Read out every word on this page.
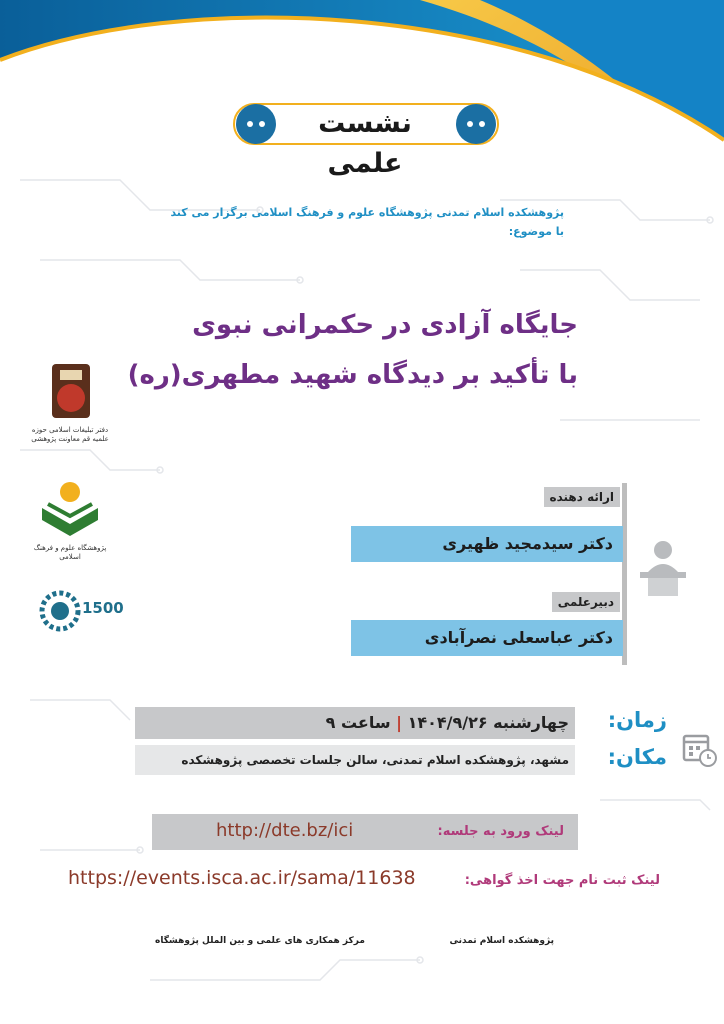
نشست علمی
پژوهشکده اسلام تمدنی پژوهشگاه علوم و فرهنگ اسلامی برگزار می کند
با موضوع:
جایگاه آزادی در حکمرانی نبوی
با تأکید بر دیدگاه شهید مطهری(ره)
دفتر تبلیغات اسلامی حوزه علمیه قم معاونت پژوهشی
پژوهشگاه علوم و فرهنگ اسلامی
1500
ارائه دهنده
دکتر سیدمجید ظهیری
دبیرعلمی
دکتر عباسعلی نصرآبادی
چهارشنبه ۱۴۰۴/۹/۲۶ | ساعت ۹
مشهد، پژوهشکده اسلام تمدنی، سالن جلسات تخصصی پژوهشکده
زمان:
مکان:
لینک ورود به جلسه:
http://dte.bz/ici
لینک ثبت نام جهت اخذ گواهی:
https://events.isca.ac.ir/sama/11638
پژوهشکده اسلام تمدنی
مرکز همکاری های علمی و بین الملل پژوهشگاه
